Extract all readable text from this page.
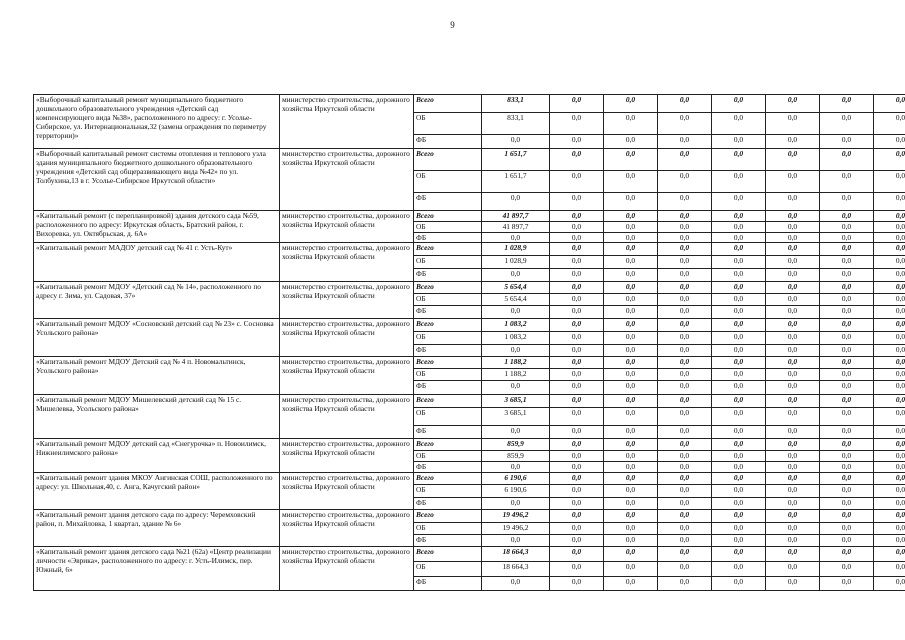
9
«Выборочный капитальный ремонт муниципального бюджетного дошкольного образовательного учреждения «Детский сад компенсирующего вида №38», расположенного по адресу: г. Усолье-Сибирское, ул. Интернациональная,32 (замена ограждения по периметру территории)»	министерство строительства, дорожного хозяйства Иркутской области	Всего	833,1	0,0	0,0	0,0	0,0	0,0	0,0	0,0
		ОБ	833,1	0,0	0,0	0,0	0,0	0,0	0,0	0,0
		ФБ	0,0	0,0	0,0	0,0	0,0	0,0	0,0	0,0
«Выборочный капитальный ремонт системы отопления и теплового узла здания муниципального бюджетного дошкольного образовательного учреждения «Детский сад общеразвивающего вида №42» по ул. Толбухина,13 в г. Усолье-Сибирское Иркутской области»	министерство строительства, дорожного хозяйства Иркутской области	Всего	1 651,7	0,0	0,0	0,0	0,0	0,0	0,0	0,0
		ОБ	1 651,7	0,0	0,0	0,0	0,0	0,0	0,0	0,0
		ФБ	0,0	0,0	0,0	0,0	0,0	0,0	0,0	0,0
«Капитальный ремонт (с перепланировкой) здания детского сада №59, расположенного по адресу: Иркутская область, Братский район, г. Вихоревка, ул. Октябрьская, д. 6А»	министерство строительства, дорожного хозяйства Иркутской области	Всего	41 897,7	0,0	0,0	0,0	0,0	0,0	0,0	0,0
		ОБ	41 897,7	0,0	0,0	0,0	0,0	0,0	0,0	0,0
		ФБ	0,0	0,0	0,0	0,0	0,0	0,0	0,0	0,0
«Капитальный ремонт МАДОУ детский сад № 41 г. Усть-Кут»	министерство строительства, дорожного хозяйства Иркутской области	Всего	1 028,9	0,0	0,0	0,0	0,0	0,0	0,0	0,0
		ОБ	1 028,9	0,0	0,0	0,0	0,0	0,0	0,0	0,0
		ФБ	0,0	0,0	0,0	0,0	0,0	0,0	0,0	0,0
«Капитальный ремонт МДОУ «Детский сад № 14», расположенного по адресу г. Зима, ул. Садовая, 37»	министерство строительства, дорожного хозяйства Иркутской области	Всего	5 654,4	0,0	0,0	0,0	0,0	0,0	0,0	0,0
		ОБ	5 654,4	0,0	0,0	0,0	0,0	0,0	0,0	0,0
		ФБ	0,0	0,0	0,0	0,0	0,0	0,0	0,0	0,0
«Капитальный ремонт МДОУ «Сосновский детский сад № 23» с. Сосновка Усольского района»	министерство строительства, дорожного хозяйства Иркутской области	Всего	1 083,2	0,0	0,0	0,0	0,0	0,0	0,0	0,0
		ОБ	1 083,2	0,0	0,0	0,0	0,0	0,0	0,0	0,0
		ФБ	0,0	0,0	0,0	0,0	0,0	0,0	0,0	0,0
«Капитальный ремонт МДОУ Детский сад № 4 п. Новомальтинск, Усольского района»	министерство строительства, дорожного хозяйства Иркутской области	Всего	1 188,2	0,0	0,0	0,0	0,0	0,0	0,0	0,0
		ОБ	1 188,2	0,0	0,0	0,0	0,0	0,0	0,0	0,0
		ФБ	0,0	0,0	0,0	0,0	0,0	0,0	0,0	0,0
«Капитальный ремонт МДОУ Мишелевский детский сад № 15 с. Мишелевка, Усольского района»	министерство строительства, дорожного хозяйства Иркутской области	Всего	3 685,1	0,0	0,0	0,0	0,0	0,0	0,0	0,0
		ОБ	3 685,1	0,0	0,0	0,0	0,0	0,0	0,0	0,0
		ФБ	0,0	0,0	0,0	0,0	0,0	0,0	0,0	0,0
«Капитальный ремонт МДОУ детский сад «Снегурочка» п. Новоилимск, Нижнеилимского района»	министерство строительства, дорожного хозяйства Иркутской области	Всего	859,9	0,0	0,0	0,0	0,0	0,0	0,0	0,0
		ОБ	859,9	0,0	0,0	0,0	0,0	0,0	0,0	0,0
		ФБ	0,0	0,0	0,0	0,0	0,0	0,0	0,0	0,0
«Капитальный ремонт здания МКОУ Ангинская СОШ, расположенного по адресу: ул. Школьная,40, с. Анга, Качугский район»	министерство строительства, дорожного хозяйства Иркутской области	Всего	6 190,6	0,0	0,0	0,0	0,0	0,0	0,0	0,0
		ОБ	6 190,6	0,0	0,0	0,0	0,0	0,0	0,0	0,0
		ФБ	0,0	0,0	0,0	0,0	0,0	0,0	0,0	0,0
«Капитальный ремонт здания детского сада по адресу: Черемховский район, п. Михайловка, 1 квартал, здание № 6»	министерство строительства, дорожного хозяйства Иркутской области	Всего	19 496,2	0,0	0,0	0,0	0,0	0,0	0,0	0,0
		ОБ	19 496,2	0,0	0,0	0,0	0,0	0,0	0,0	0,0
		ФБ	0,0	0,0	0,0	0,0	0,0	0,0	0,0	0,0
«Капитальный ремонт здания детского сада №21 (62а) «Центр реализации личности «Эврика», расположенного по адресу: г. Усть-Илимск, пер. Южный, 6»	министерство строительства, дорожного хозяйства Иркутской области	Всего	18 664,3	0,0	0,0	0,0	0,0	0,0	0,0	0,0
		ОБ	18 664,3	0,0	0,0	0,0	0,0	0,0	0,0	0,0
		ФБ	0,0	0,0	0,0	0,0	0,0	0,0	0,0	0,0
